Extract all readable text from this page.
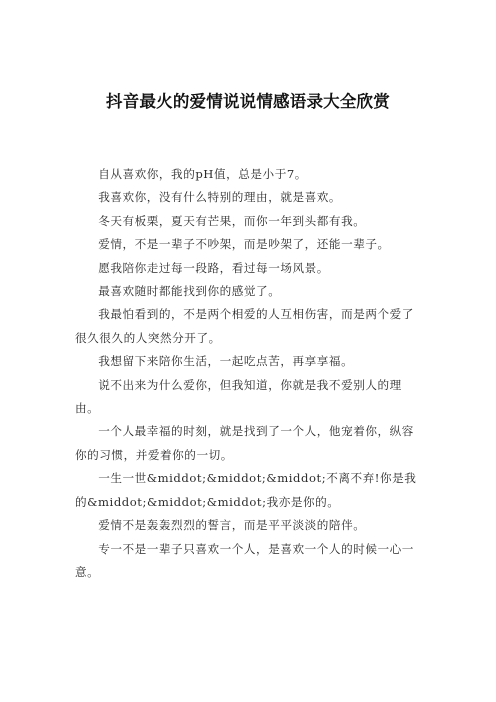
抖音最火的爱情说说情感语录大全欣赏

自从喜欢你，我的pH值，总是小于7。

我喜欢你，没有什么特别的理由，就是喜欢。

冬天有板栗，夏天有芒果，而你一年到头都有我。

爱情，不是一辈子不吵架，而是吵架了，还能一辈子。

愿我陪你走过每一段路，看过每一场风景。

最喜欢随时都能找到你的感觉了。

我最怕看到的，不是两个相爱的人互相伤害，而是两个爱了很久很久的人突然分开了。

我想留下来陪你生活，一起吃点苦，再享享福。

说不出来为什么爱你，但我知道，你就是我不爱别人的理由。

一个人最幸福的时刻，就是找到了一个人，他宠着你，纵容你的习惯，并爱着你的一切。

一生一世&middot;&middot;&middot;不离不弃!你是我的&middot;&middot;&middot;我亦是你的。

爱情不是轰轰烈烈的誓言，而是平平淡淡的陪伴。

专一不是一辈子只喜欢一个人，是喜欢一个人的时候一心一意。
